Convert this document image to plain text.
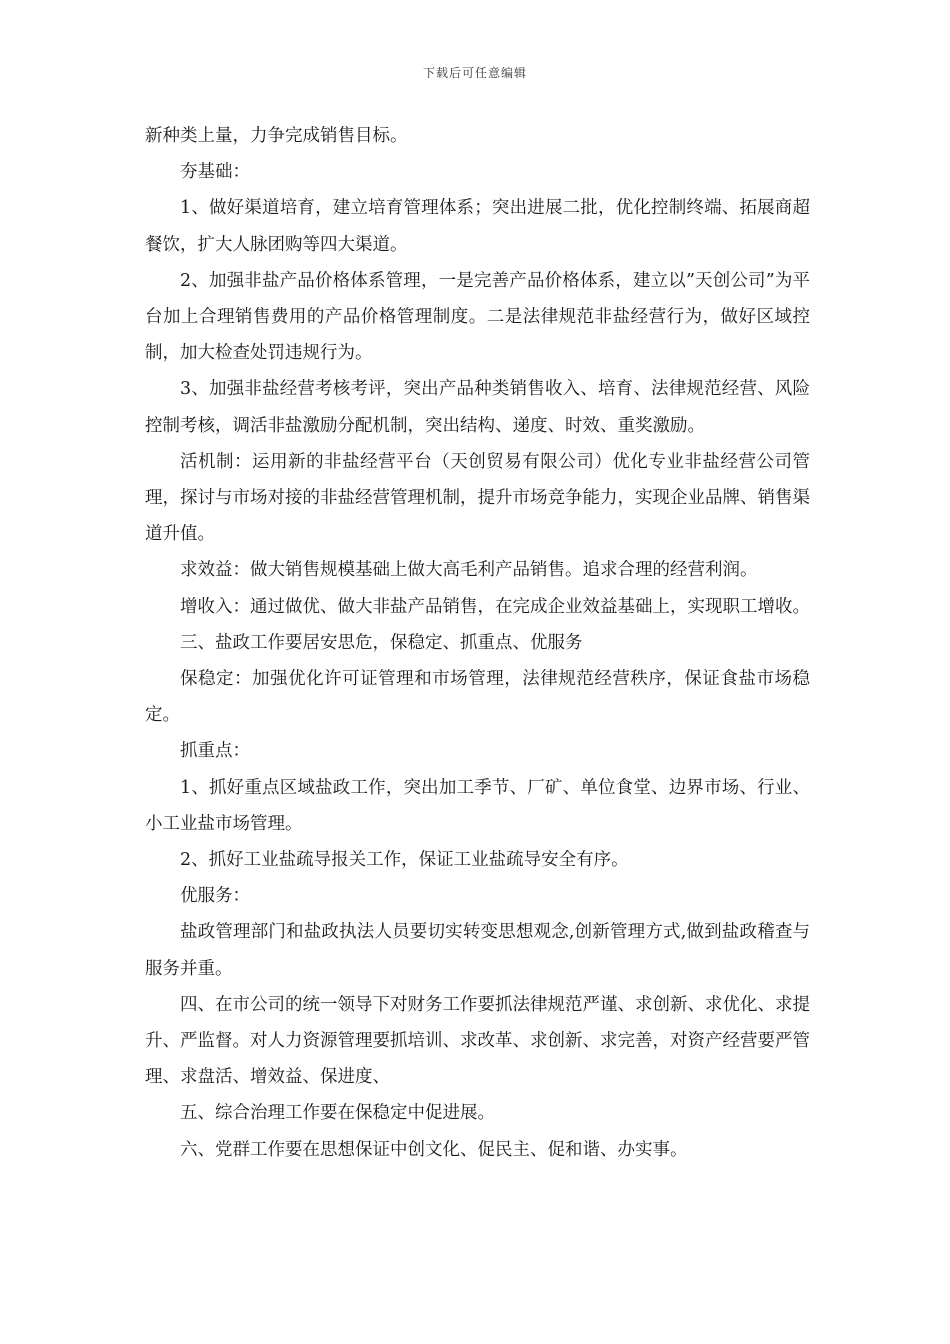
下载后可任意编辑

新种类上量，力争完成销售目标。

夯基础：

1、做好渠道培育，建立培育管理体系；突出进展二批，优化控制终端、拓展商超餐饮，扩大人脉团购等四大渠道。

2、加强非盐产品价格体系管理，一是完善产品价格体系，建立以”天创公司”为平台加上合理销售费用的产品价格管理制度。二是法律规范非盐经营行为，做好区域控制，加大检查处罚违规行为。

3、加强非盐经营考核考评，突出产品种类销售收入、培育、法律规范经营、风险控制考核，调活非盐激励分配机制，突出结构、递度、时效、重奖激励。

活机制：运用新的非盐经营平台（天创贸易有限公司）优化专业非盐经营公司管理，探讨与市场对接的非盐经营管理机制，提升市场竞争能力，实现企业品牌、销售渠道升值。

求效益：做大销售规模基础上做大高毛利产品销售。追求合理的经营利润。

增收入：通过做优、做大非盐产品销售，在完成企业效益基础上，实现职工增收。

三、盐政工作要居安思危，保稳定、抓重点、优服务

保稳定：加强优化许可证管理和市场管理，法律规范经营秩序，保证食盐市场稳定。

抓重点：

1、抓好重点区域盐政工作，突出加工季节、厂矿、单位食堂、边界市场、行业、小工业盐市场管理。

2、抓好工业盐疏导报关工作，保证工业盐疏导安全有序。

优服务：

盐政管理部门和盐政执法人员要切实转变思想观念,创新管理方式,做到盐政稽查与服务并重。

四、在市公司的统一领导下对财务工作要抓法律规范严谨、求创新、求优化、求提升、严监督。对人力资源管理要抓培训、求改革、求创新、求完善，对资产经营要严管理、求盘活、增效益、保进度、

五、综合治理工作要在保稳定中促进展。

六、党群工作要在思想保证中创文化、促民主、促和谐、办实事。
